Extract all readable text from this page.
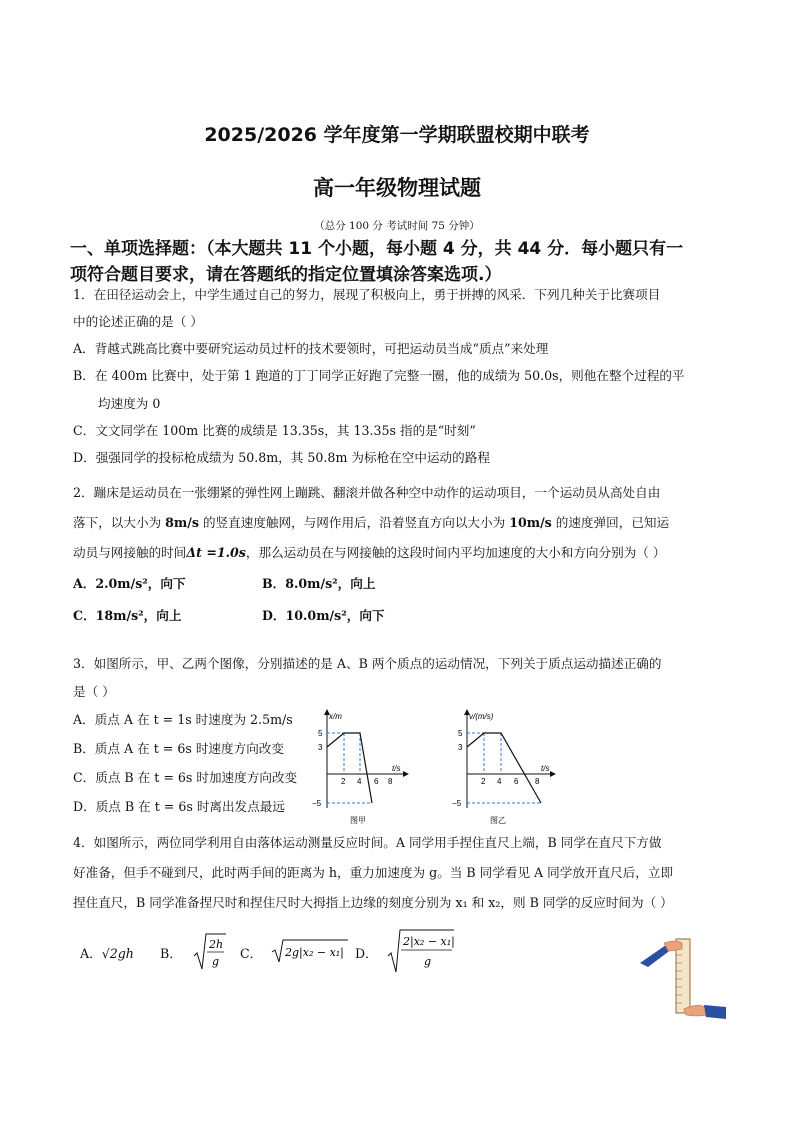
2025/2026 学年度第一学期联盟校期中联考
高一年级物理试题
（总分 100 分 考试时间 75 分钟）
一、单项选择题：（本大题共 11 个小题，每小题 4 分，共 44 分．每小题只有一
项符合题目要求，请在答题纸的指定位置填涂答案选项.）
1．在田径运动会上，中学生通过自己的努力，展现了积极向上，勇于拼搏的风采．下列几种关于比赛项目
中的论述正确的是（ ）
A．背越式跳高比赛中要研究运动员过杆的技术要领时，可把运动员当成“质点”来处理
B．在 400m 比赛中，处于第 1 跑道的丁丁同学正好跑了完整一圈，他的成绩为 50.0s，则他在整个过程的平
均速度为 0
C．文文同学在 100m 比赛的成绩是 13.35s，其 13.35s 指的是“时刻”
D．强强同学的投标枪成绩为 50.8m，其 50.8m 为标枪在空中运动的路程
2．蹦床是运动员在一张绷紧的弹性网上蹦跳、翻滚并做各种空中动作的运动项目，一个运动员从高处自由
落下，以大小为 8m/s 的竖直速度触网，与网作用后，沿着竖直方向以大小为 10m/s 的速度弹回，已知运
动员与网接触的时间Δt =1.0s，那么运动员在与网接触的这段时间内平均加速度的大小和方向分别为（ ）
A．2.0m/s²，向下	B．8.0m/s²，向上
C．18m/s²，向上	D．10.0m/s²，向下
3．如图所示，甲、乙两个图像，分别描述的是 A、B 两个质点的运动情况，下列关于质点运动描述正确的
是（ ）
A．质点 A 在 t = 1s 时速度为 2.5m/s
B．质点 A 在 t = 6s 时速度方向改变
C．质点 B 在 t = 6s 时加速度方向改变
D．质点 B 在 t = 6s 时离出发点最远
x/m
t/s
5
3
−5
2 4 6 8
图甲
v/(m/s)
t/s
5
3
−5
2 4 6 8
图乙
4．如图所示，两位同学利用自由落体运动测量反应时间。A 同学用手捏住直尺上端，B 同学在直尺下方做
好准备，但手不碰到尺，此时两手间的距离为 h，重力加速度为 g。当 B 同学看见 A 同学放开直尺后，立即
捏住直尺，B 同学准备捏尺时和捏住尺时大拇指上边缘的刻度分别为 x₁ 和 x₂，则 B 同学的反应时间为（ ）
A．√2gh B．
2h
g
C． 2g|x₂ − x₁| D．
2|x₂ − x₁|
g
